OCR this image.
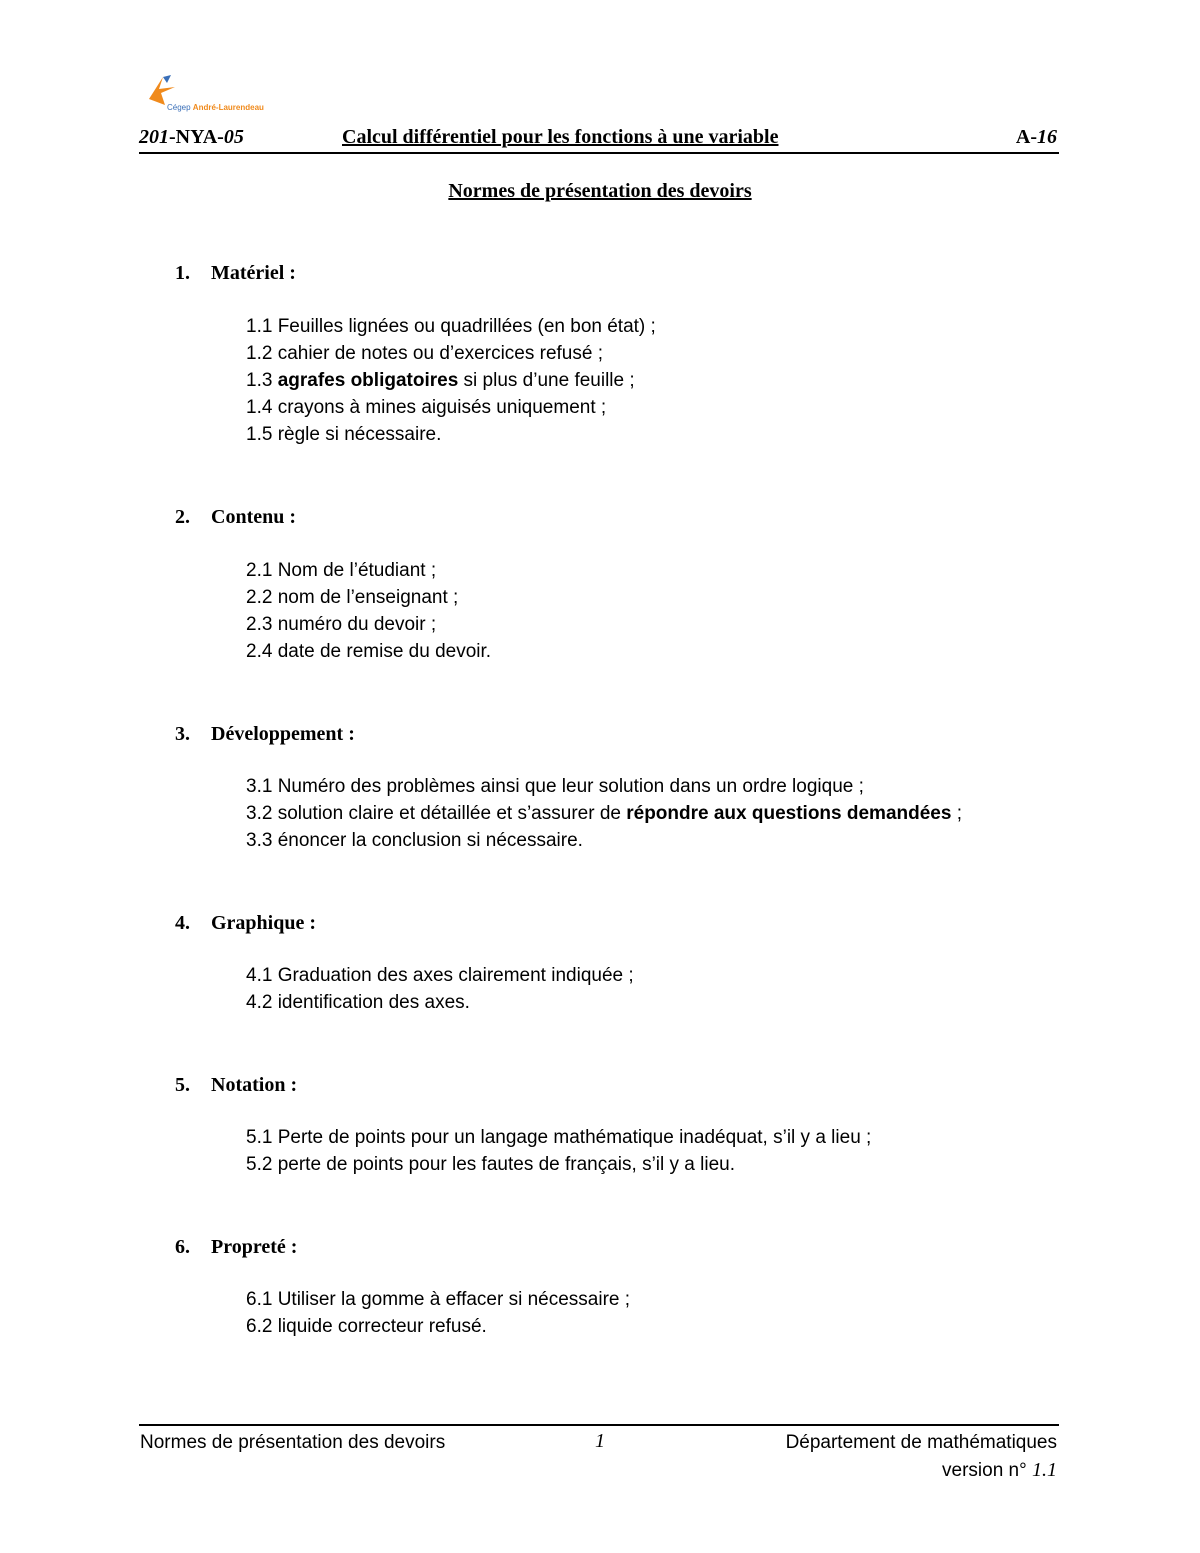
Cégep André-Laurendeau
201-NYA-05	Calcul différentiel pour les fonctions à une variable	A-16
Normes de présentation des devoirs
1. Matériel :
1.1 Feuilles lignées ou quadrillées (en bon état) ;
1.2 cahier de notes ou d’exercices refusé ;
1.3 agrafes obligatoires si plus d’une feuille ;
1.4 crayons à mines aiguisés uniquement ;
1.5 règle si nécessaire.
2. Contenu :
2.1 Nom de l’étudiant ;
2.2 nom de l’enseignant ;
2.3 numéro du devoir ;
2.4 date de remise du devoir.
3. Développement :
3.1 Numéro des problèmes ainsi que leur solution dans un ordre logique ;
3.2 solution claire et détaillée et s’assurer de répondre aux questions demandées ;
3.3 énoncer la conclusion si nécessaire.
4. Graphique :
4.1 Graduation des axes clairement indiquée ;
4.2 identification des axes.
5. Notation :
5.1 Perte de points pour un langage mathématique inadéquat, s’il y a lieu ;
5.2 perte de points pour les fautes de français, s’il y a lieu.
6. Propreté :
6.1 Utiliser la gomme à effacer si nécessaire ;
6.2 liquide correcteur refusé.
Normes de présentation des devoirs	1	Département de mathématiques
version n° 1.1
